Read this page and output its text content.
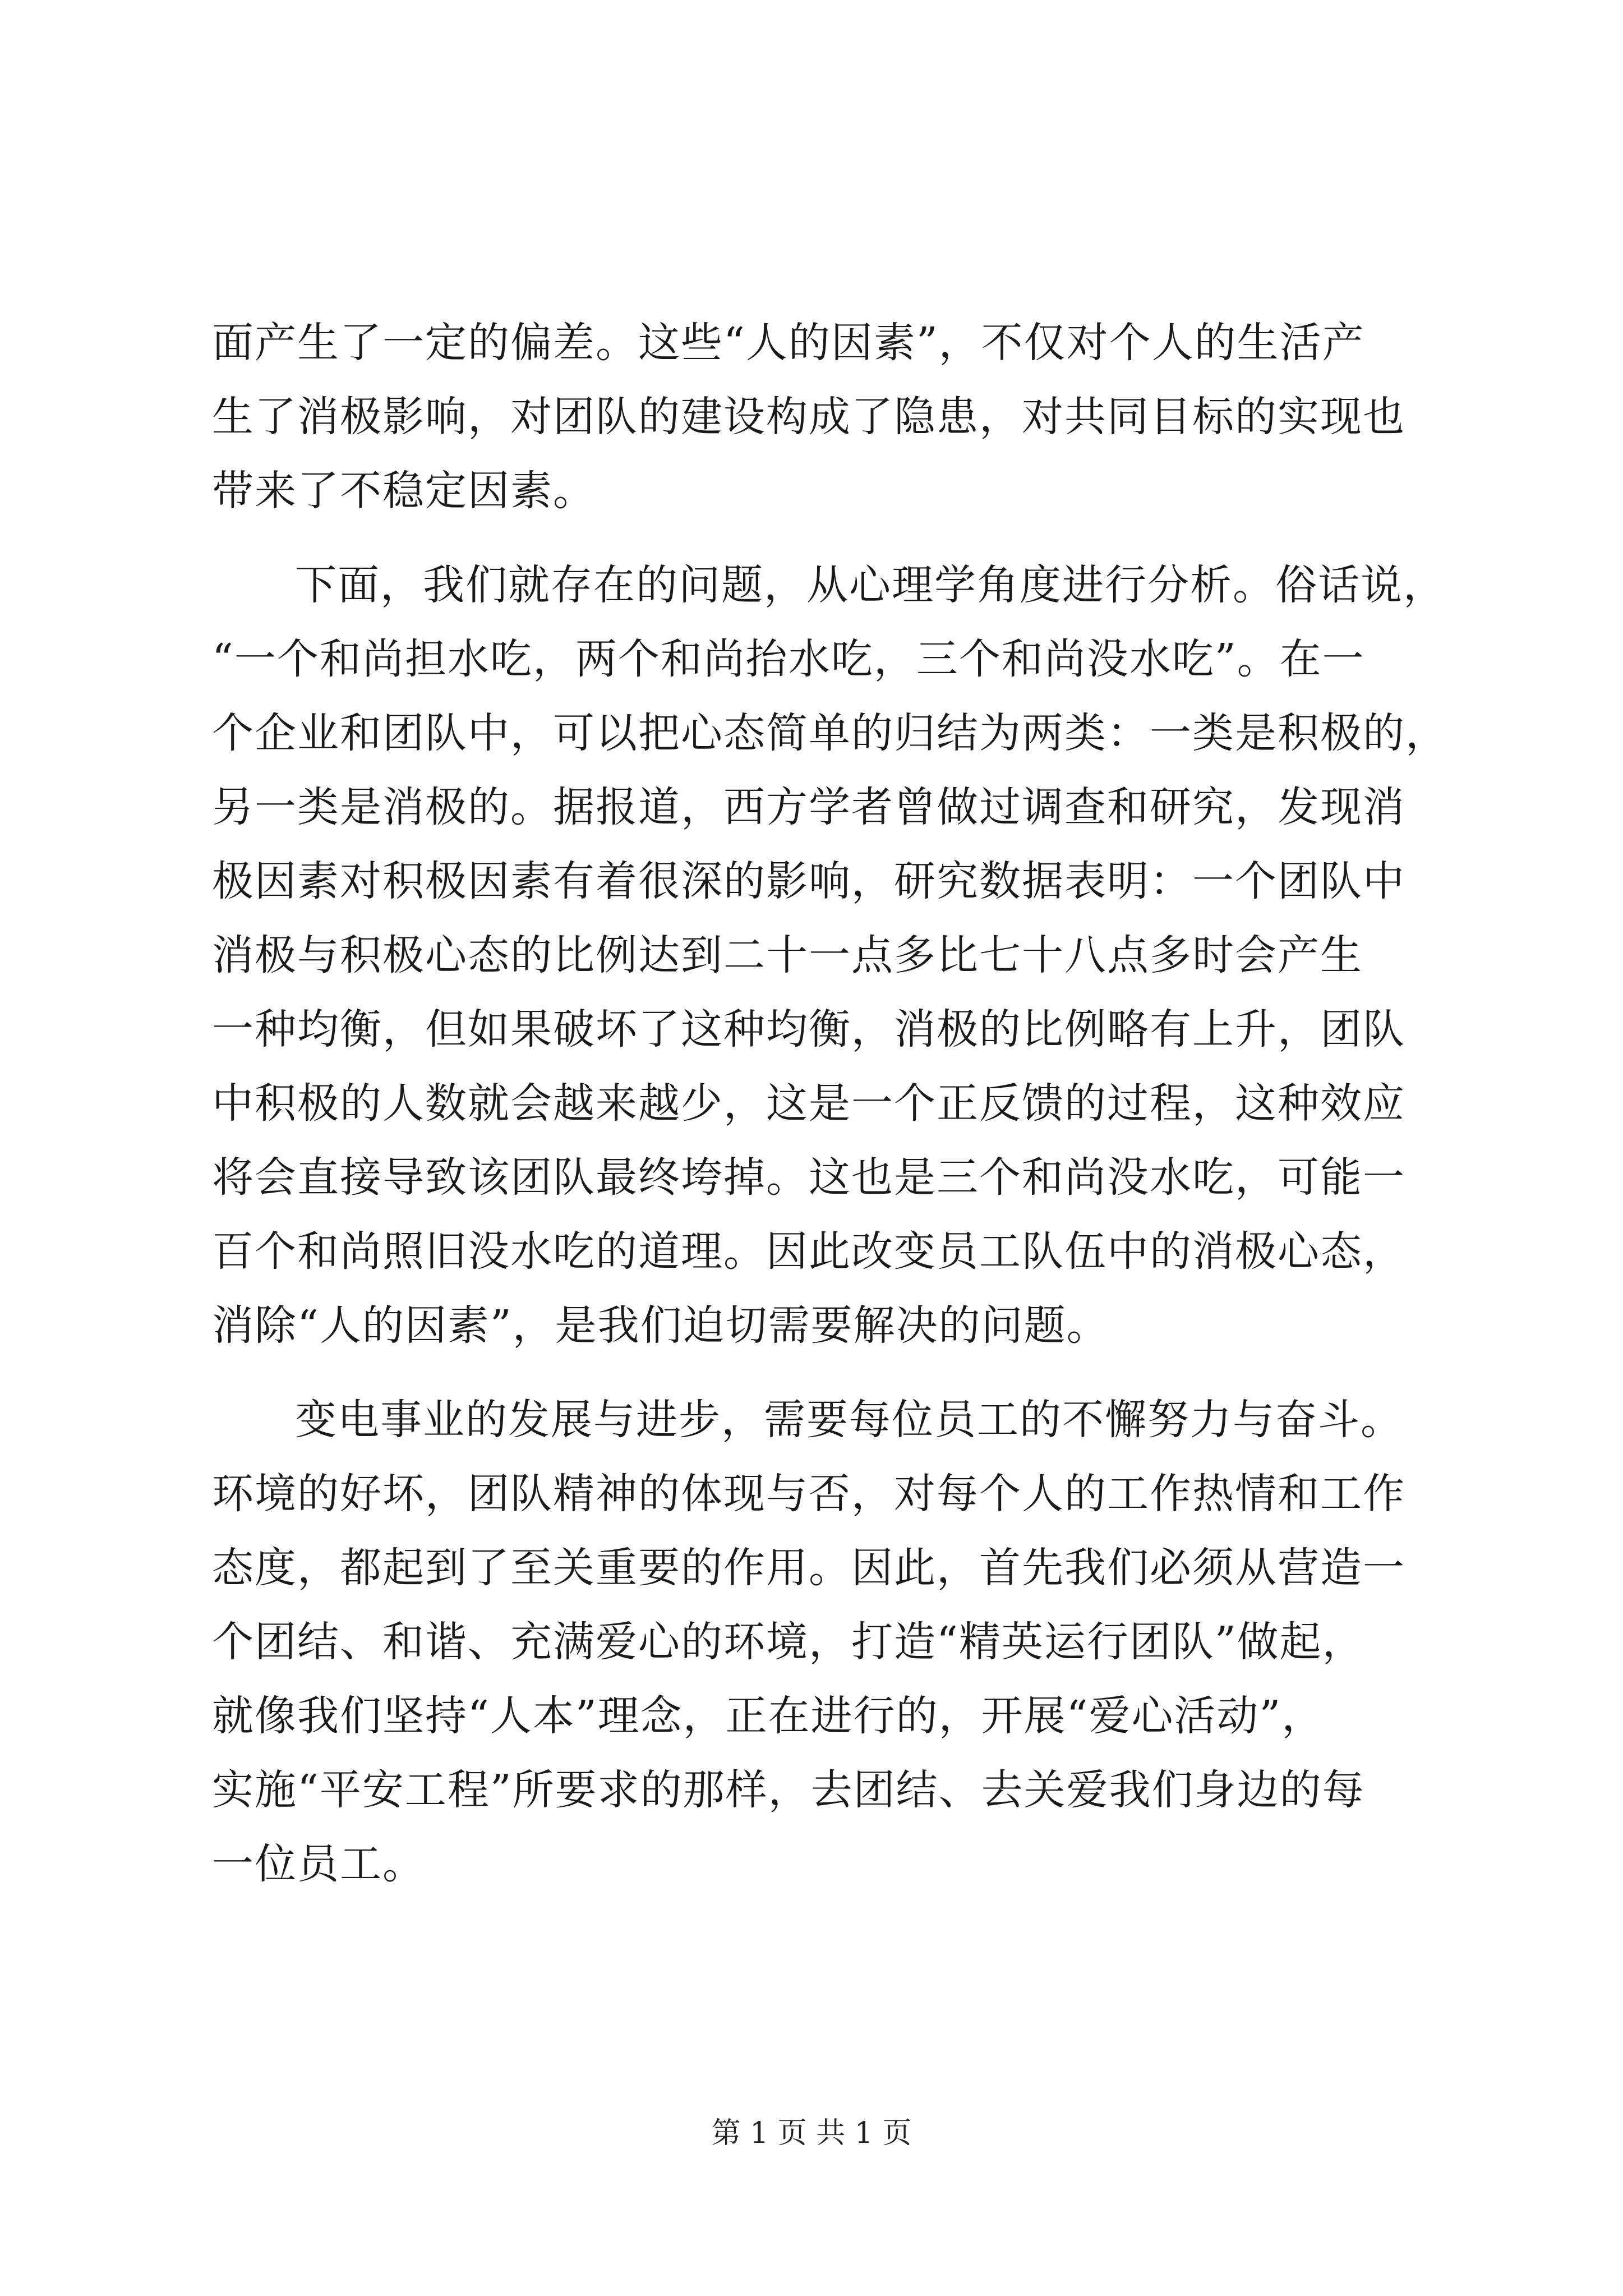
面产生了一定的偏差。这些“人的因素”，不仅对个人的生活产
生了消极影响，对团队的建设构成了隐患，对共同目标的实现也
带来了不稳定因素。
下面，我们就存在的问题，从心理学角度进行分析。俗话说，
“一个和尚担水吃，两个和尚抬水吃，三个和尚没水吃”。在一
个企业和团队中，可以把心态简单的归结为两类：一类是积极的，
另一类是消极的。据报道，西方学者曾做过调查和研究，发现消
极因素对积极因素有着很深的影响，研究数据表明：一个团队中
消极与积极心态的比例达到二十一点多比七十八点多时会产生
一种均衡，但如果破坏了这种均衡，消极的比例略有上升，团队
中积极的人数就会越来越少，这是一个正反馈的过程，这种效应
将会直接导致该团队最终垮掉。这也是三个和尚没水吃，可能一
百个和尚照旧没水吃的道理。因此改变员工队伍中的消极心态，
消除“人的因素”，是我们迫切需要解决的问题。
变电事业的发展与进步，需要每位员工的不懈努力与奋斗。
环境的好坏，团队精神的体现与否，对每个人的工作热情和工作
态度，都起到了至关重要的作用。因此，首先我们必须从营造一
个团结、和谐、充满爱心的环境，打造“精英运行团队”做起，
就像我们坚持“人本”理念，正在进行的，开展“爱心活动”，
实施“平安工程”所要求的那样，去团结、去关爱我们身边的每
一位员工。
第 1 页 共 1 页
